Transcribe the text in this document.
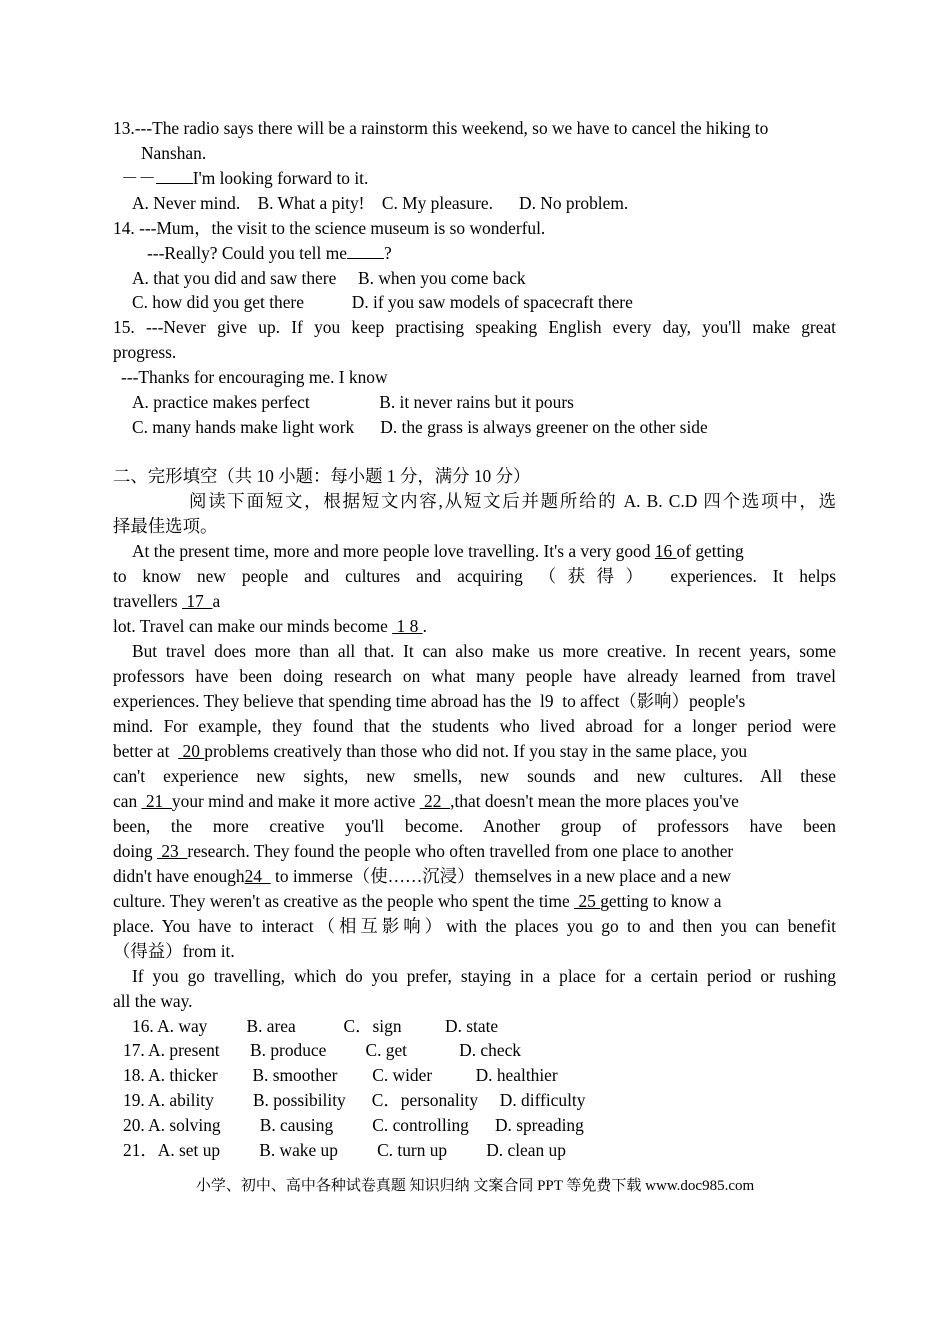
13.---The radio says there will be a rainstorm this weekend, so we have to cancel the hiking to
Nanshan.
－－ I'm looking forward to it.
A. Never mind.    B. What a pity!    C. My pleasure.      D. No problem.
14. ---Mum，the visit to the science museum is so wonderful.
---Really? Could you tell me ?
A. that you did and saw there     B. when you come back
C. how did you get there           D. if you saw models of spacecraft there
15. ---Never give up. If you keep practising speaking English every day, you'll make great
progress.
---Thanks for encouraging me. I know
A. practice makes perfect                B. it never rains but it pours
C. many hands make light work      D. the grass is always greener on the other side
二、完形填空（共 10 小题：每小题 1 分，满分 10 分）
阅读下面短文，根据短文内容,从短文后并题所给的 A. B. C.D 四个选项中，选
择最佳选项。
At the present time, more and more people love travelling. It's a very good 16 of getting
to know new people and cultures and acquiring （获得） experiences. It helps
travellers  17  a
lot. Travel can make our minds become  1 8 .
But travel does more than all that. It can also make us more creative. In recent years, some
professors have been doing research on what many people have already learned from travel
experiences. They believe that spending time abroad has the  l9  to affect（影响）people's
mind. For example, they found that the students who lived abroad for a longer period were
better at   20 problems creatively than those who did not. If you stay in the same place, you
can't experience new sights, new smells, new sounds and new cultures. All these
can  21  your mind and make it more active  22  ,that doesn't mean the more places you've
been, the more creative you'll become. Another group of professors have been
doing  23  research. They found the people who often travelled from one place to another
didn't have enough24   to immerse（使……沉浸）themselves in a new place and a new
culture. They weren't as creative as the people who spent the time  25 getting to know a
place. You have to interact（相互影响）with the places you go to and then you can benefit
（得益）from it.
If you go travelling, which do you prefer, staying in a place for a certain period or rushing
all the way.
16. A. way         B. area           C．sign          D. state
17. A. present       B. produce         C. get            D. check
18. A. thicker        B. smoother        C. wider          D. healthier
19. A. ability         B. possibility      C．personality     D. difficulty
20. A. solving         B. causing         C. controlling      D. spreading
21．A. set up         B. wake up         C. turn up         D. clean up
小学、初中、高中各种试卷真题 知识归纳 文案合同 PPT 等免费下载 www.doc985.com
